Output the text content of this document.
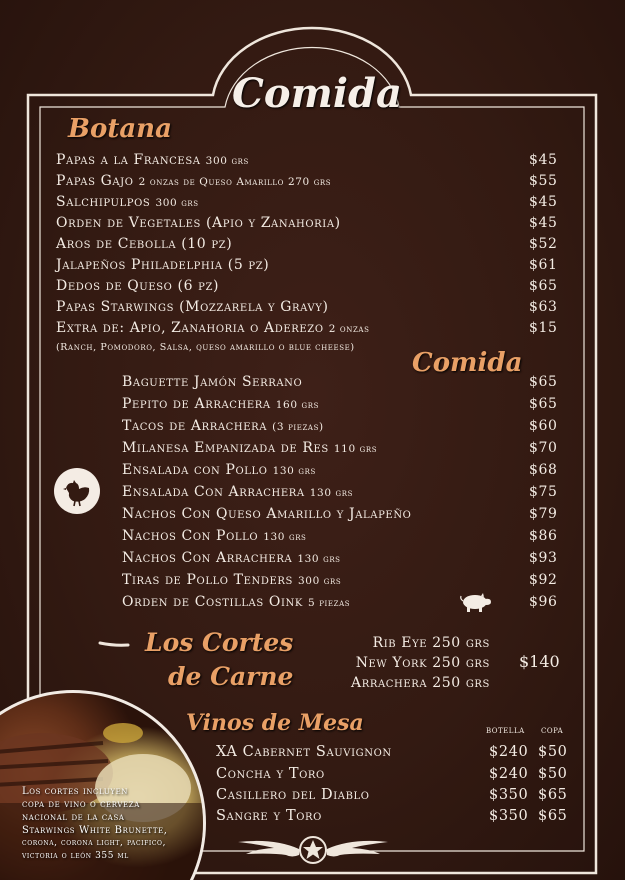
Comida
Botana
Papas a la Francesa 300 grs	$45
Papas Gajo 2 onzas de Queso Amarillo 270 grs	$55
Salchipulpos 300 grs	$45
Orden de Vegetales (Apio y Zanahoria)	$45
Aros de Cebolla (10 pz)	$52
Jalapeños Philadelphia (5 pz)	$61
Dedos de Queso (6 pz)	$65
Papas Starwings (Mozzarela y Gravy)	$63
Extra de: Apio, Zanahoria o Aderezo 2 onzas	$15
(Ranch, Pomodoro, Salsa, queso amarillo o blue cheese)
Comida
Baguette Jamón Serrano	$65
Pepito de Arrachera 160 grs	$65
Tacos de Arrachera (3 piezas)	$60
Milanesa Empanizada de Res 110 grs	$70
Ensalada con Pollo 130 grs	$68
Ensalada Con Arrachera 130 grs	$75
Nachos Con Queso Amarillo y Jalapeño	$79
Nachos Con Pollo 130 grs	$86
Nachos Con Arrachera 130 grs	$93
Tiras de Pollo Tenders 300 grs	$92
Orden de Costillas Oink 5 piezas	$96
Los Cortes
de Carne
Rib Eye 250 grs
New York 250 grs
Arrachera 250 grs
$140
Vinos de Mesa	botella copa
XA Cabernet Sauvignon	$240 $50
Concha y Toro	$240 $50
Casillero del Diablo	$350 $65
Sangre y Toro	$350 $65
Los cortes incluyen
copa de vino o cerveza
nacional de la casa
Starwings White Brunette,
corona, corona light, pacifico,
victoria o león 355 ml
